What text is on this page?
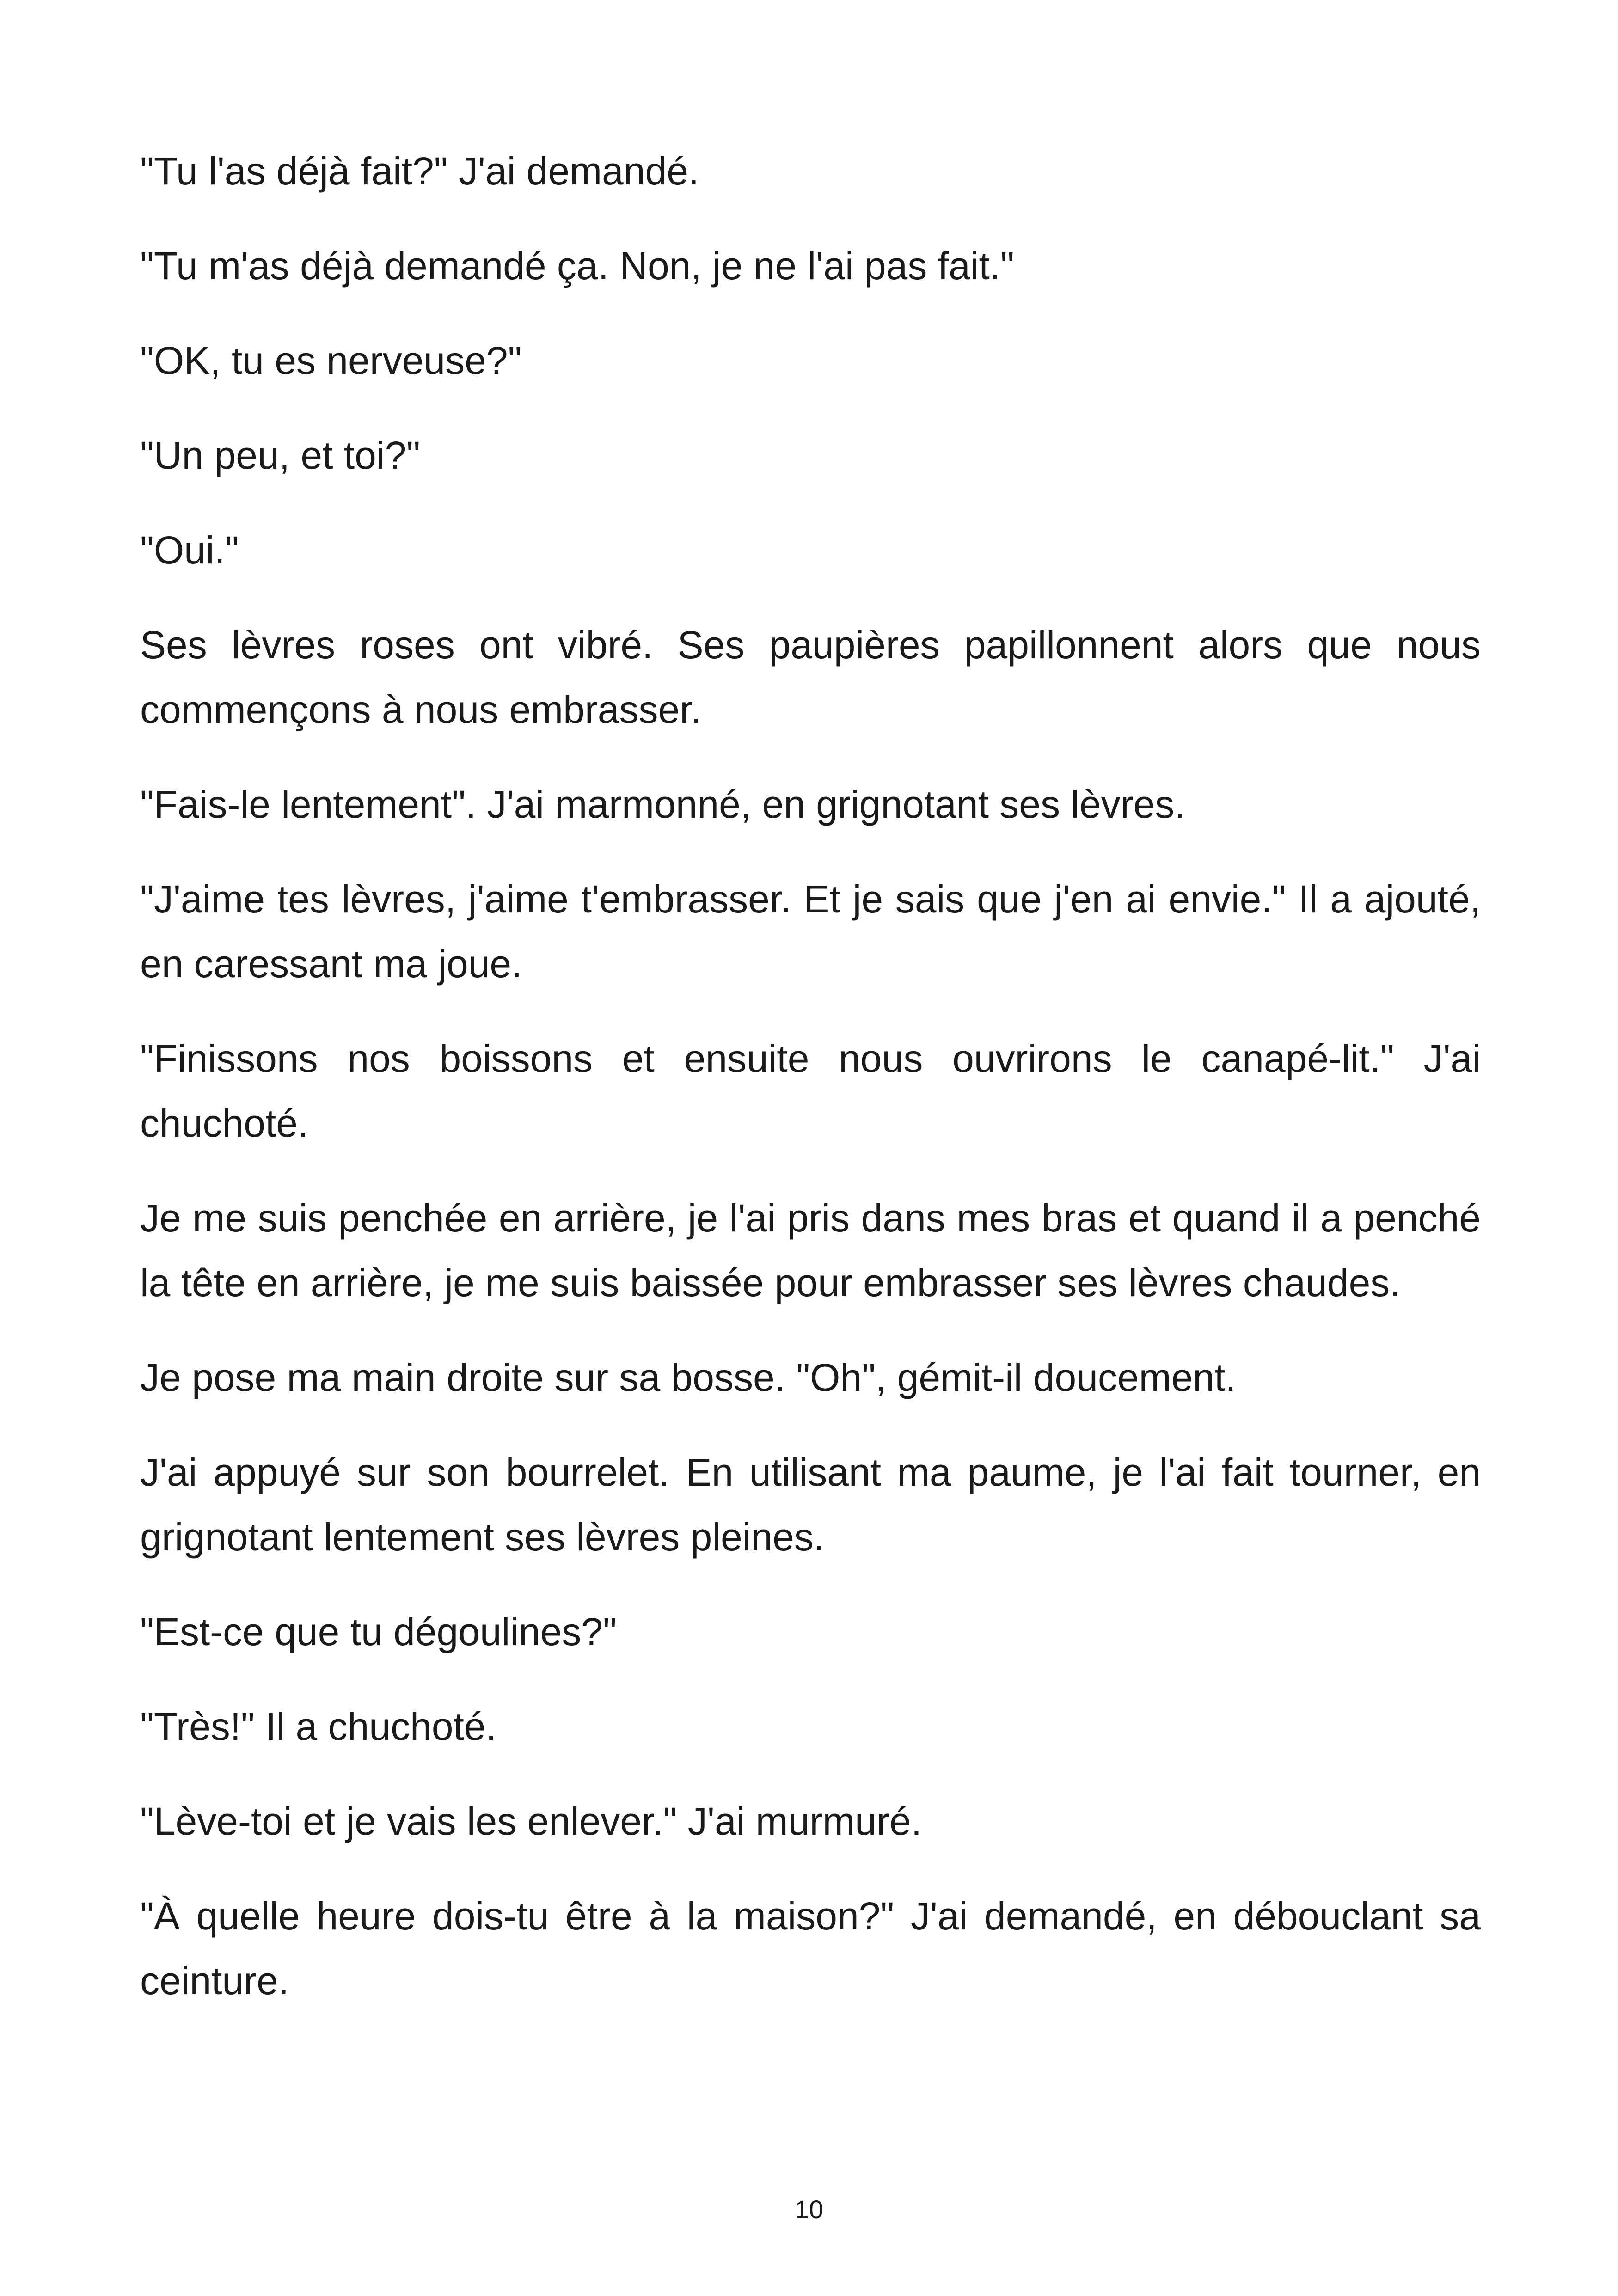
"Tu l'as déjà fait?" J'ai demandé.

"Tu m'as déjà demandé ça. Non, je ne l'ai pas fait."

"OK, tu es nerveuse?"

"Un peu, et toi?"

"Oui."

Ses lèvres roses ont vibré. Ses paupières papillonnent alors que nous commençons à nous embrasser.

"Fais-le lentement". J'ai marmonné, en grignotant ses lèvres.

"J'aime tes lèvres, j'aime t'embrasser. Et je sais que j'en ai envie." Il a ajouté, en caressant ma joue.

"Finissons nos boissons et ensuite nous ouvrirons le canapé-lit." J'ai chuchoté.

Je me suis penchée en arrière, je l'ai pris dans mes bras et quand il a penché la tête en arrière, je me suis baissée pour embrasser ses lèvres chaudes.

Je pose ma main droite sur sa bosse. "Oh", gémit-il doucement.

J'ai appuyé sur son bourrelet. En utilisant ma paume, je l'ai fait tourner, en grignotant lentement ses lèvres pleines.

"Est-ce que tu dégoulines?"

"Très!" Il a chuchoté.

"Lève-toi et je vais les enlever." J'ai murmuré.

"À quelle heure dois-tu être à la maison?" J'ai demandé, en débouclant sa ceinture.

10
